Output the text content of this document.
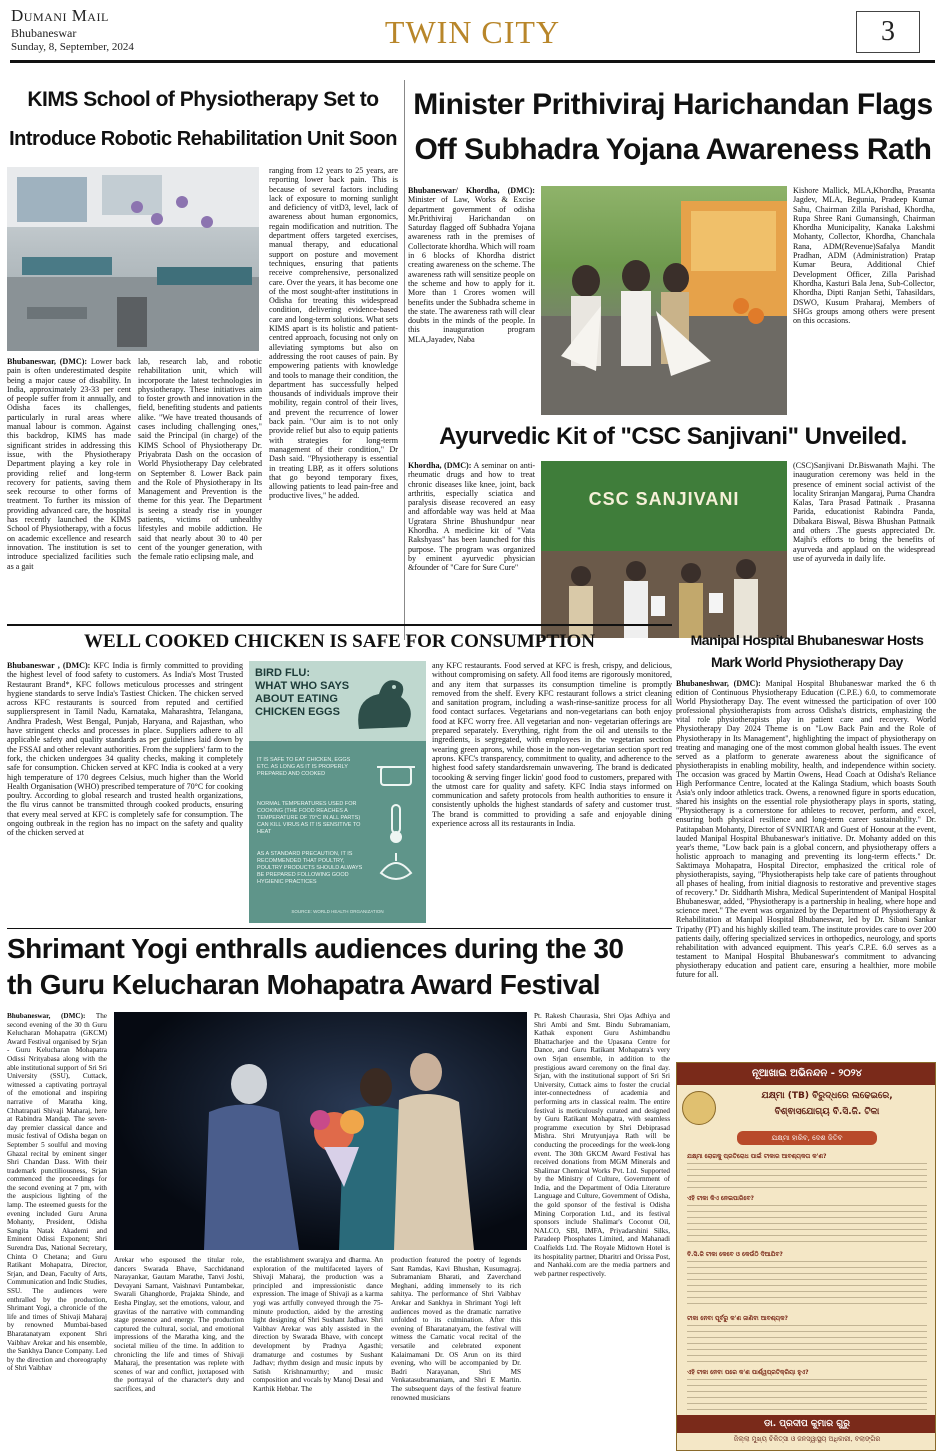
Dumani Mail
Bhubaneswar
Sunday, 8, September, 2024	TWIN CITY	3
KIMS School of Physiotherapy Set to
Introduce Robotic Rehabilitation Unit Soon
Bhubaneswar, (DMC): Lower back pain is often underestimated despite being a major cause of disability. In India, approximately 23-33 per cent of people suffer from it annually, and Odisha faces its challenges, particularly in rural areas where manual labour is common. Against this backdrop, KIMS has made significant strides in addressing this issue, with the Physiotherapy Department playing a key role in providing relief and long-term recovery for patients, saving them seek recourse to other forms of treatment. To further its mission of providing advanced care, the hospital has recently launched the KIMS School of Physiotherapy, with a focus on academic excellence and research innovation. The institution is set to introduce specialized facilities such as a gait
lab, research lab, and robotic rehabilitation unit, which will incorporate the latest technologies in physiotherapy. These initiatives aim to foster growth and innovation in the field, benefiting students and patients alike. "We have treated thousands of cases including challenging ones," said the Principal (in charge) of the KIMS School of Physiotherapy Dr. Priyabrata Dash on the occasion of World Physiotherapy Day celebrated on September 8. Lower Back pain and the Role of Physiotherapy in Its Management and Prevention is the theme for this year. The Department is seeing a steady rise in younger patients, victims of unhealthy lifestyles and mobile addiction. He said that nearly about 30 to 40 per cent of the younger generation, with the female ratio eclipsing male, and
ranging from 12 years to 25 years, are reporting lower back pain. This is because of several factors including lack of exposure to morning sunlight and deficiency of vitD3, level, lack of awareness about human ergonomics, regain modification and nutrition. The department offers targeted exercises, manual therapy, and educational support on posture and movement techniques, ensuring that patients receive comprehensive, personalized care. Over the years, it has become one of the most sought-after institutions in Odisha for treating this widespread condition, delivering evidence-based care and long-term solutions. What sets KIMS apart is its holistic and patient-centred approach, focusing not only on alleviating symptoms but also on addressing the root causes of pain. By empowering patients with knowledge and tools to manage their condition, the department has successfully helped thousands of individuals improve their mobility, regain control of their lives, and prevent the recurrence of lower back pain. "Our aim is to not only provide relief but also to equip patients with strategies for long-term management of their condition," Dr Dash said. "Physiotherapy is essential in treating LBP, as it offers solutions that go beyond temporary fixes, allowing patients to lead pain-free and productive lives," he added.
Minister Prithiviraj Harichandan Flags
Off Subhadra Yojana Awareness Rath
Bhubaneswar/ Khordha, (DMC): Minister of Law, Works & Excise department government of odisha Mr.Prithiviraj Harichandan on Saturday flagged off Subhadra Yojana awareness rath in the premises of Collectorate khordha. Which will roam in 6 blocks of Khordha district creating awareness on the scheme. The awareness rath will sensitize people on the scheme and how to apply for it. More than 1 Crores women will benefits under the Subhadra scheme in the state. The awareness rath will clear doubts in the minds of the people. In this inauguration program MLA,Jayadev, Naba
Kishore Mallick, MLA,Khordha, Prasanta Jagdev, MLA, Begunia, Pradeep Kumar Sahu, Chairman Zilla Parishad, Khordha, Rupa Shree Rani Gumansingh, Chairman Khordha Municipality, Kanaka Lakshmi Mohanty, Collector, Khordha, Chanchala Rana, ADM(Revenue)Safalya Mandit Pradhan, ADM (Administration) Pratap Kumar Beura, Additional Chief Development Officer, Zilla Parishad Khordha, Kasturi Bala Jena, Sub-Collector, Khordha, Dipti Ranjan Sethi, Tahasildars, DSWO, Kusum Praharaj, Members of SHGs groups among others were present on this occasions.
Ayurvedic Kit of "CSC Sanjivani" Unveiled.
Khordha, (DMC): A seminar on anti-rheumatic drugs and how to treat chronic diseases like knee, joint, back arthritis, especially sciatica and paralysis disease recovered an easy and affordable way was held at Maa Ugratara Shrine Bhushundpur near Khordha. A medicine kit of "Vata Rakshyass" has been launched for this purpose. The program was organized by eminent ayurvedic physician &founder of "Care for Sure Cure"
CSC SANJIVANI
(CSC)Sanjivani Dr.Biswanath Majhi. The inauguration ceremony was held in the presence of eminent social activist of the locality Sriranjan Mangaraj, Purna Chandra Kalas, Tara Prasad Pattnaik . Prasanna Parida, educationist Rabindra Panda, Dibakara Biswal, Biswa Bhushan Pattnaik and others .The guests appreciated Dr. Majhi's efforts to bring the benefits of ayurveda and applaud on the widespread use of ayurveda in daily life.
WELL COOKED CHICKEN IS SAFE FOR CONSUMPTION
Bhubaneswar , (DMC): KFC India is firmly committed to providing the highest level of food safety to customers. As India's Most Trusted Restaurant Brand*, KFC follows meticulous processes and stringent hygiene standards to serve India's Tastiest Chicken. The chicken served across KFC restaurants is sourced from reputed and certified supplierspresent in Tamil Nadu, Karnataka, Maharashtra, Telangana, Andhra Pradesh, West Bengal, Punjab, Haryana, and Rajasthan, who have stringent checks and processes in place. Suppliers adhere to all applicable safety and quality standards as per guidelines laid down by the FSSAI and other relevant authorities. From the suppliers' farm to the fork, the chicken undergoes 34 quality checks, making it completely safe for consumption. Chicken served at KFC India is cooked at a very high temperature of 170 degrees Celsius, much higher than the World Health Organisation (WHO) prescribed temperature of 70°C for cooking poultry. According to global research and trusted health organizations, the flu virus cannot be transmitted through cooked products, ensuring that every meal served at KFC is completely safe for consumption. The ongoing outbreak in the region has no impact on the safety and quality of the chicken served at
BIRD FLU:
WHAT WHO SAYS
ABOUT EATING
CHICKEN EGGS
IT IS SAFE TO EAT CHICKEN, EGGS ETC. AS LONG AS IT IS PROPERLY PREPARED AND COOKED
NORMAL TEMPERATURES USED FOR COOKING (THE FOOD REACHES A TEMPERATURE OF 70°C IN ALL PARTS) CAN KILL VIRUS AS IT IS SENSITIVE TO HEAT
AS A STANDARD PRECAUTION, IT IS RECOMMENDED THAT POULTRY, POULTRY PRODUCTS SHOULD ALWAYS BE PREPARED FOLLOWING GOOD HYGIENIC PRACTICES
SOURCE: WORLD HEALTH ORGANIZATION
any KFC restaurants. Food served at KFC is fresh, crispy, and delicious, without compromising on safety. All food items are rigorously monitored, and any item that surpasses its consumption timeline is promptly removed from the shelf. Every KFC restaurant follows a strict cleaning and sanitation program, including a wash-rinse-sanitize process for all food contact surfaces. Vegetarians and non-vegetarians can both enjoy food at KFC worry free. All vegetarian and non- vegetarian offerings are prepared separately. Everything, right from the oil and utensils to the ingredients, is segregated, with employees in the vegetarian section wearing green aprons, while those in the non-vegetarian section sport red aprons. KFC's transparency, commitment to quality, and adherence to the highest food safety standardsremain unwavering. The brand is dedicated tocooking & serving finger lickin' good food to customers, prepared with the utmost care for quality and safety. KFC India stays informed on communication and safety protocols from health authorities to ensure it consistently upholds the highest standards of safety and customer trust. The brand is committed to providing a safe and enjoyable dining experience across all its restaurants in India.
Manipal Hospital Bhubaneswar Hosts
Mark World Physiotherapy Day
Bhubaneshwar, (DMC): Manipal Hospital Bhubaneswar marked the 6 th edition of Continuous Physiotherapy Education (C.P.E.) 6.0, to commemorate World Physiotherapy Day. The event witnessed the participation of over 100 professional physiotherapists from across Odisha's districts, emphasizing the vital role physiotherapists play in patient care and recovery. World Physiotherapy Day 2024 Theme is on "Low Back Pain and the Role of Physiotherapy in Its Management", highlighting the impact of physiotherapy on treating and managing one of the most common global health issues. The event served as a platform to generate awareness about the significance of physiotherapists in enabling mobility, health, and independence within society. The occasion was graced by Martin Owens, Head Coach at Odisha's Reliance High Performance Centre, located at the Kalinga Stadium, which boasts South Asia's only indoor athletics track. Owens, a renowned figure in sports education, shared his insights on the essential role physiotherapy plays in sports, stating, "Physiotherapy is a cornerstone for athletes to recover, perform, and excel, ensuring both physical resilience and long-term career sustainability." Dr. Patitapaban Mohanty, Director of SVNIRTAR and Guest of Honour at the event, lauded Manipal Hospital Bhubaneswar's initiative. Dr. Mohanty added on this year's theme, "Low back pain is a global concern, and physiotherapy offers a holistic approach to managing and preventing its long-term effects." Dr. Saktimaya Mohapatra, Hospital Director, emphasized the critical role of physiotherapists, saying, "Physiotherapists help take care of patients throughout all phases of healing, from initial diagnosis to restorative and preventive stages of recovery." Dr. Siddharth Mishra, Medical Superintendent of Manipal Hospital Bhubaneswar, added, "Physiotherapy is a partnership in healing, where hope and science meet." The event was organized by the Department of Physiotherapy & Rehabilitation at Manipal Hospital Bhubaneswar, led by Dr. Sibani Sankar Tripathy (PT) and his highly skilled team. The institute provides care to over 200 patients daily, offering specialized services in orthopedics, neurology, and sports rehabilitation with advanced equipment. This year's C.P.E. 6.0 serves as a testament to Manipal Hospital Bhubaneswar's commitment to advancing physiotherapy education and patient care, ensuring a healthier, more mobile future for all.
ନୂଆଖାଇ ଅଭିନନ୍ଦନ - ୨୦୨୪
ଯକ୍ଷ୍ମା (TB) ବିରୁଦ୍ଧରେ ଲଢେଇରେ,
ବିଶ୍ଵାସଯୋଗ୍ୟ ବି.ସି.ଜି. ଟିକା
ଯକ୍ଷ୍ମା ହାରିବ, ଦେଶ ଜିତିବ
ଯକ୍ଷ୍ମା ରୋଗକୁ ପ୍ରତିରୋଧ ପାଇଁ ଟୀକାର ଆବଶ୍ୟକତା କ'ଣ?
ଏହି ଟୀକା କିଏ ନେଇପାରିବେ?
ବି.ସି.ଜି ଟୀକା କେବେ ଓ କେଉଁଠି ଦିଆଯିବ?
ଟୀକା ନେବା ପୂର୍ବରୁ କ'ଣ ଜାଣିବା ଆବଶ୍ୟକ?
ଏହି ଟୀକା ନେବା ପରେ କ'ଣ ପାର୍ଶ୍ୱପ୍ରତିକ୍ରିୟା ହୁଏ?
ଡା. ପ୍ରଦୀପ କୁମାର ଗୁରୁ
ଜିଲ୍ଲା ମୁଖ୍ୟ ଚିକିତ୍ସା ଓ ଜନସ୍ୱାସ୍ଥ୍ୟ ଅଧିକାରୀ, ବଲାଙ୍ଗିର
Shrimant Yogi enthralls audiences during the 30
th Guru Kelucharan Mohapatra Award Festival
Bhubaneswar, (DMC): The second evening of the 30 th Guru Kelucharan Mohapatra (GKCM) Award Festival organised by Srjan - Guru Kelucharan Mohapatra Odissi Nrityabasa along with the able institutional support of Sri Sri University (SSU), Cuttack, witnessed a captivating portrayal of the emotional and inspiring narrative of Maratha king, Chhatrapati Shivaji Maharaj, here at Rabindra Mandap. The seven-day premier classical dance and music festival of Odisha began on September 5 soulful and moving Ghazal recital by eminent singer Shri Chandan Dass. With their trademark punctiliousness, Srjan commenced the proceedings for the second evening at 7 pm, with the auspicious lighting of the lamp. The esteemed guests for the evening included Guru Aruna Mohanty, President, Odisha Sangita Natak Akademi and Eminent Odissi Exponent; Shri Surendra Das, National Secretary, Chinta O Chetana; and Guru Ratikant Mohapatra, Director, Srjan, and Dean, Faculty of Arts, Communication and Indic Studies, SSU. The audiences were enthralled by the production, Shrimant Yogi, a chronicle of the life and times of Shivaji Maharaj by renowned Mumbai-based Bharatanatyam exponent Shri Vaibhav Arekar and his ensemble, the Sankhya Dance Company. Led by the direction and choreography of Shri Vaibhav
Arekar who espoused the titular role, dancers Swarada Bhave, Sacchidanand Narayankar, Gautam Marathe, Tanvi Joshi, Devayani Sarnant, Vaishnavi Puntambekar, Swarali Ghanghorde, Prajakta Shinde, and Eesha Pinglay, set the emotions, valour, and gravitas of the narrative with commanding stage presence and energy. The production captured the cultural, social, and emotional impressions of the Maratha king, and the societal milieu of the time. In addition to chronicling the life and times of Shivaji Maharaj, the presentation was replete with scenes of war and conflict, juxtaposed with the portrayal of the character's duty and sacrifices, and
the establishment swarajya and dharma. An exploration of the multifaceted layers of Shivaji Maharaj, the production was a principled and impressionistic dance expression. The image of Shivaji as a karma yogi was artfully conveyed through the 75-minute production, aided by the arresting light designing of Shri Sushant Jadhav. Shri Vaibhav Arekar was ably assisted in the direction by Swarada Bhave, with concept development by Pradnya Agasthi; dramaturge and costumes by Sushant Jadhav; rhythm design and music inputs by Satish Krishnamurthy; and music composition and vocals by Manoj Desai and Karthik Hebbar. The
production featured the poetry of legends Sant Ramdas, Kavi Bhushan, Kusumagraj. Subramaniam Bharati, and Zaverchand Meghani, adding immensely to its rich sahitya. The performance of Shri Vaibhav Arekar and Sankhya in Shrimant Yogi left audiences moved as the dramatic narrative unfolded to its culmination. After this evening of Bharatanatyam, the festival will witness the Carnatic vocal recital of the versatile and celebrated exponent Kalaimamani Dr. OS Arun on its third evening, who will be accompanied by Dr. Badri Narayanan, Shri MS Venkatasubramaniam, and Shri E Martin. The subsequent days of the festival feature renowned musicians
Pt. Rakesh Chaurasia, Shri Ojas Adhiya and Shri Ambi and Smt. Bindu Subramaniam, Kathak exponent Guru Ashimbandhu Bhattacharjee and the Upasana Centre for Dance, and Guru Ratikant Mohapatra's very own Srjan ensemble, in addition to the prestigious award ceremony on the final day. Srjan, with the institutional support of Sri Sri University, Cuttack aims to foster the crucial inter-connectedness of academia and performing arts in classical realm. The entire festival is meticulously curated and designed by Guru Ratikant Mohapatra, with seamless programme execution by Shri Debiprasad Mishra. Shri Mrutyunjaya Rath will be conducting the proceedings for the week-long event. The 30th GKCM Award Festival has received donations from MGM Minerals and Shalimar Chemical Works Pvt. Ltd. Supported by the Ministry of Culture, Government of India, and the Department of Odia Literature Language and Culture, Government of Odisha, the gold sponsor of the festival is Odisha Mining Corporation Ltd., and its festival sponsors include Shalimar's Coconut Oil, NALCO, SBI, IMFA, Priyadarshini Silks, Paradeep Phosphates Limited, and Mahanadi Coalfields Ltd. The Royale Midtown Hotel is its hospitality partner, Dharitri and Orissa Post, and Nanhaki.com are the media partners and web partner respectively.
